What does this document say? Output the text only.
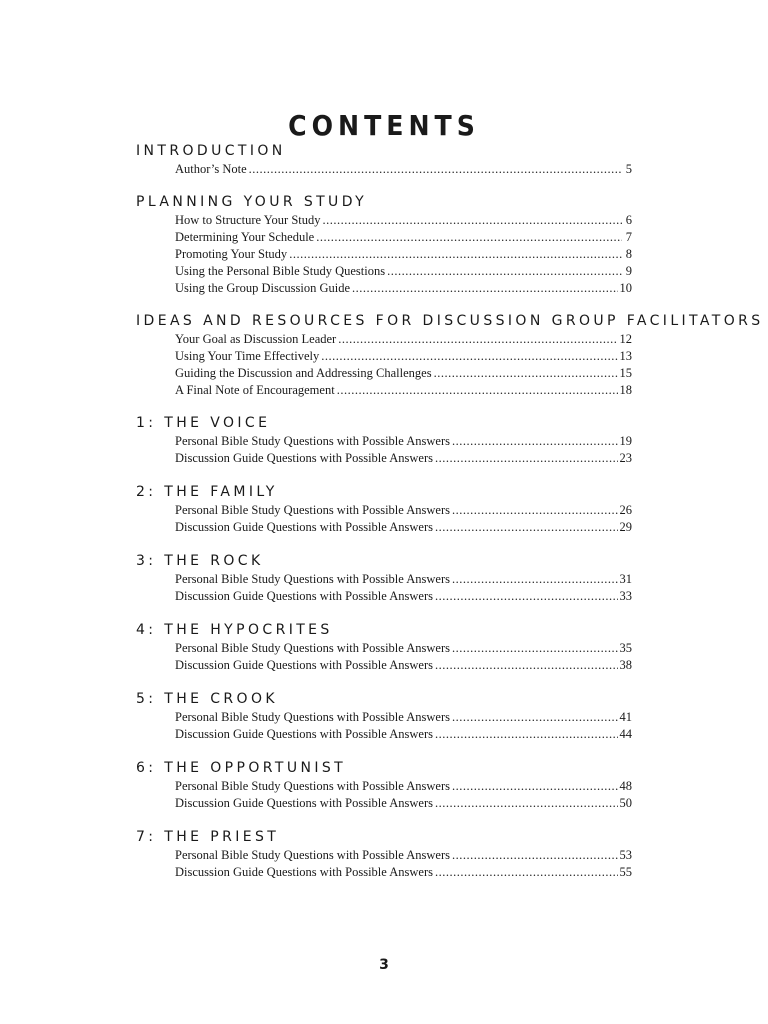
CONTENTS
INTRODUCTION
Author’s Note .....	5
PLANNING YOUR STUDY
How to Structure Your Study .....	6
Determining Your Schedule .....	7
Promoting Your Study .....	8
Using the Personal Bible Study Questions .....	9
Using the Group Discussion Guide .....	10
IDEAS AND RESOURCES FOR DISCUSSION GROUP FACILITATORS
Your Goal as Discussion Leader .....	12
Using Your Time Effectively .....	13
Guiding the Discussion and Addressing Challenges .....	15
A Final Note of Encouragement .....	18
1: THE VOICE
Personal Bible Study Questions with Possible Answers .....	19
Discussion Guide Questions with Possible Answers .....	23
2: THE FAMILY
Personal Bible Study Questions with Possible Answers .....	26
Discussion Guide Questions with Possible Answers .....	29
3: THE ROCK
Personal Bible Study Questions with Possible Answers .....	31
Discussion Guide Questions with Possible Answers .....	33
4: THE HYPOCRITES
Personal Bible Study Questions with Possible Answers .....	35
Discussion Guide Questions with Possible Answers .....	38
5: THE CROOK
Personal Bible Study Questions with Possible Answers .....	41
Discussion Guide Questions with Possible Answers .....	44
6: THE OPPORTUNIST
Personal Bible Study Questions with Possible Answers .....	48
Discussion Guide Questions with Possible Answers .....	50
7: THE PRIEST
Personal Bible Study Questions with Possible Answers .....	53
Discussion Guide Questions with Possible Answers .....	55
3
